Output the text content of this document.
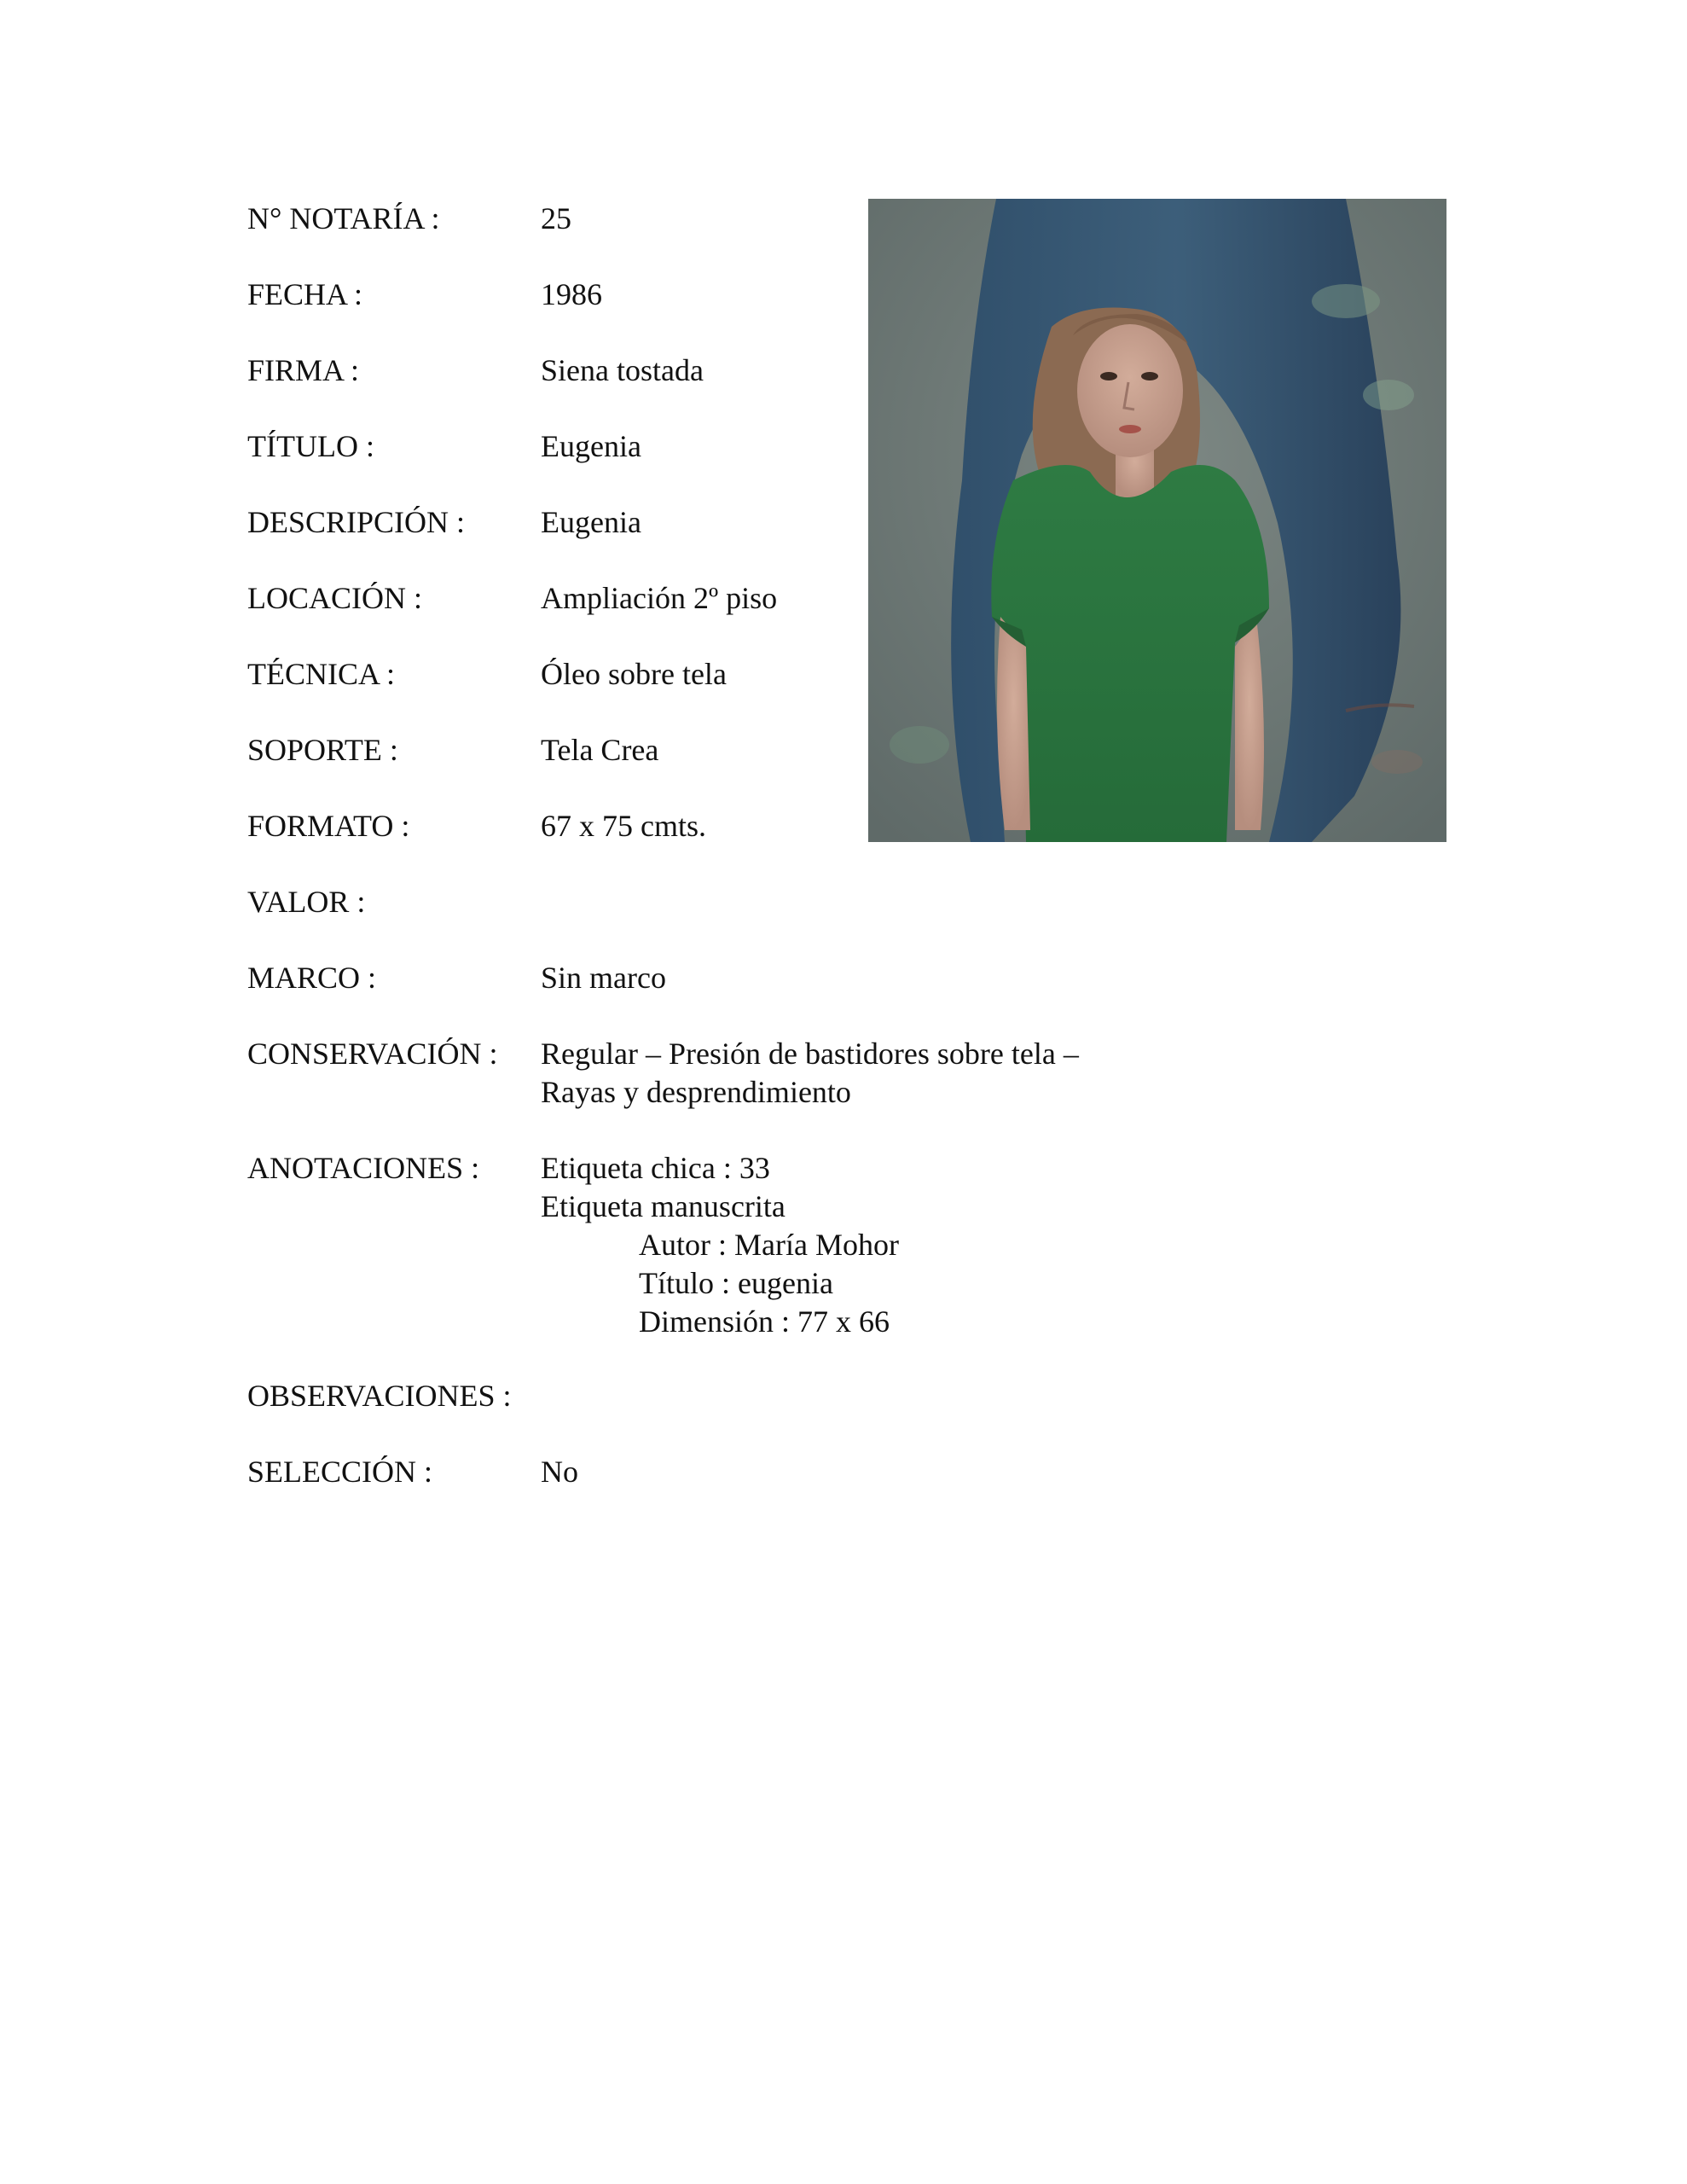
N° NOTARÍA :	25
FECHA :	1986
FIRMA :	Siena tostada
TÍTULO :	Eugenia
DESCRIPCIÓN : Eugenia
LOCACIÓN :	Ampliación 2º piso
TÉCNICA :	Óleo sobre tela
SOPORTE :	Tela Crea
FORMATO :	67 x 75 cmts.
VALOR :
MARCO :	Sin marco
CONSERVACIÓN : Regular – Presión de bastidores sobre tela –
Rayas y desprendimiento
ANOTACIONES : Etiqueta chica : 33
Etiqueta manuscrita
Autor : María Mohor
Título : eugenia
Dimensión : 77 x 66
OBSERVACIONES :
SELECCIÓN :	No
